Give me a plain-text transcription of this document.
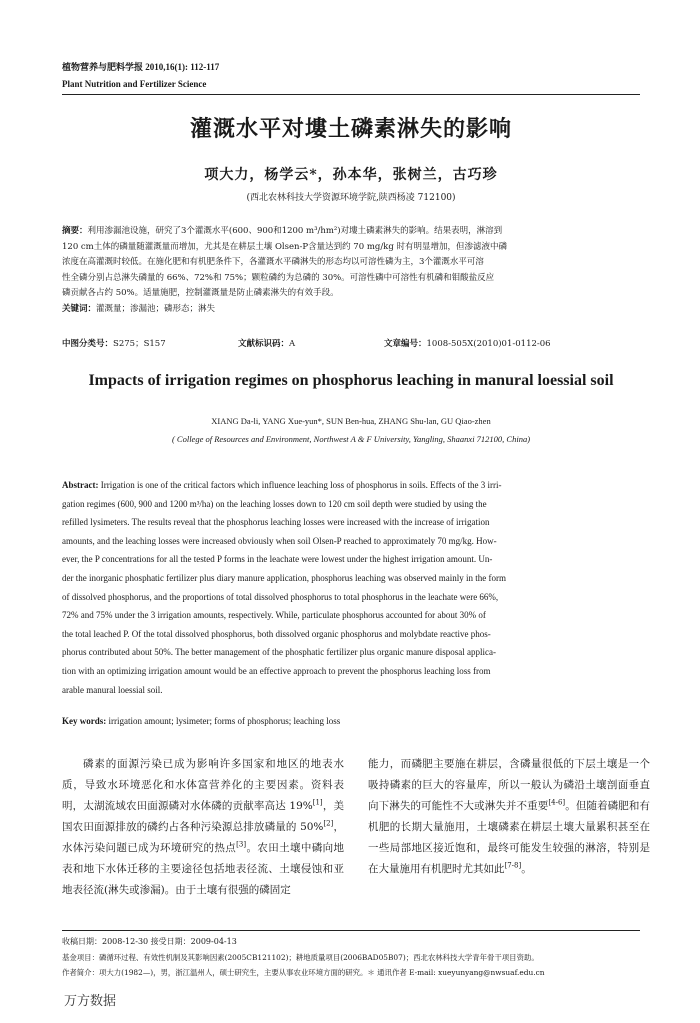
植物营养与肥料学报 2010,16(1): 112-117
Plant Nutrition and Fertilizer Science
灌溉水平对塿土磷素淋失的影响
项大力，杨学云*，孙本华，张树兰，古巧珍
(西北农林科技大学资源环境学院,陕西杨凌 712100)
摘要：利用渗漏池设施，研究了3个灌溉水平(600、900和1200 m³/hm²)对塿土磷素淋失的影响。结果表明，淋溶到
120 cm土体的磷量随灌溉量而增加，尤其是在耕层土壤 Olsen-P含量达到约 70 mg/kg 时有明显增加，但渗滤液中磷
浓度在高灌溉时较低。在施化肥和有机肥条件下，各灌溉水平磷淋失的形态均以可溶性磷为主，3个灌溉水平可溶
性全磷分别占总淋失磷量的 66%、72%和 75%；颗粒磷约为总磷的 30%。可溶性磷中可溶性有机磷和钼酸盐反应
磷贡献各占约 50%。适量施肥，控制灌溉量是防止磷素淋失的有效手段。
关键词：灌溉量；渗漏池；磷形态；淋失
中图分类号：S275；S157	文献标识码：A	文章编号：1008-505X(2010)01-0112-06
Impacts of irrigation regimes on phosphorus leaching in manural loessial soil
XIANG Da-li, YANG Xue-yun*, SUN Ben-hua, ZHANG Shu-lan, GU Qiao-zhen
( College of Resources and Environment, Northwest A & F University, Yangling, Shaanxi 712100, China)
Abstract: Irrigation is one of the critical factors which influence leaching loss of phosphorus in soils. Effects of the 3 irri-
gation regimes (600, 900 and 1200 m³/ha) on the leaching losses down to 120 cm soil depth were studied by using the
refilled lysimeters. The results reveal that the phosphorus leaching losses were increased with the increase of irrigation
amounts, and the leaching losses were increased obviously when soil Olsen-P reached to approximately 70 mg/kg. How-
ever, the P concentrations for all the tested P forms in the leachate were lowest under the highest irrigation amount. Un-
der the inorganic phosphatic fertilizer plus diary manure application, phosphorus leaching was observed mainly in the form
of dissolved phosphorus, and the proportions of total dissolved phosphorus to total phosphorus in the leachate were 66%,
72% and 75% under the 3 irrigation amounts, respectively. While, particulate phosphorus accounted for about 30% of
the total leached P. Of the total dissolved phosphorus, both dissolved organic phosphorus and molybdate reactive phos-
phorus contributed about 50%. The better management of the phosphatic fertilizer plus organic manure disposal applica-
tion with an optimizing irrigation amount would be an effective approach to prevent the phosphorus leaching loss from
arable manural loessial soil.
Key words: irrigation amount; lysimeter; forms of phosphorus; leaching loss
磷素的面源污染已成为影响许多国家和地区的地表水质，导致水环境恶化和水体富营养化的主要因素。资料表明，太湖流域农田面源磷对水体磷的贡献率高达 19%[1]，美国农田面源排放的磷约占各种污染源总排放磷量的 50%[2]，水体污染问题已成为环境研究的热点[3]。农田土壤中磷向地表和地下水体迁移的主要途径包括地表径流、土壤侵蚀和亚地表径流(淋失或渗漏)。由于土壤有很强的磷固定
能力，而磷肥主要施在耕层，含磷量很低的下层土壤是一个吸持磷素的巨大的容量库，所以一般认为磷沿土壤剖面垂直向下淋失的可能性不大或淋失并不重要[4-6]。但随着磷肥和有机肥的长期大量施用，土壤磷素在耕层土壤大量累积甚至在一些局部地区接近饱和，最终可能发生较强的淋溶，特别是在大量施用有机肥时尤其如此[7-8]。
收稿日期：2008-12-30 接受日期：2009-04-13
基金项目：磷循环过程、有效性机制及其影响因素(2005CB121102)；耕地质量项目(2006BAD05B07)；西北农林科技大学青年骨干项目资助。
作者简介：项大力(1982—)，男，浙江温州人，硕士研究生，主要从事农业环境方面的研究。＊ 通讯作者 E-mail: xueyunyang@nwsuaf.edu.cn
万方数据
